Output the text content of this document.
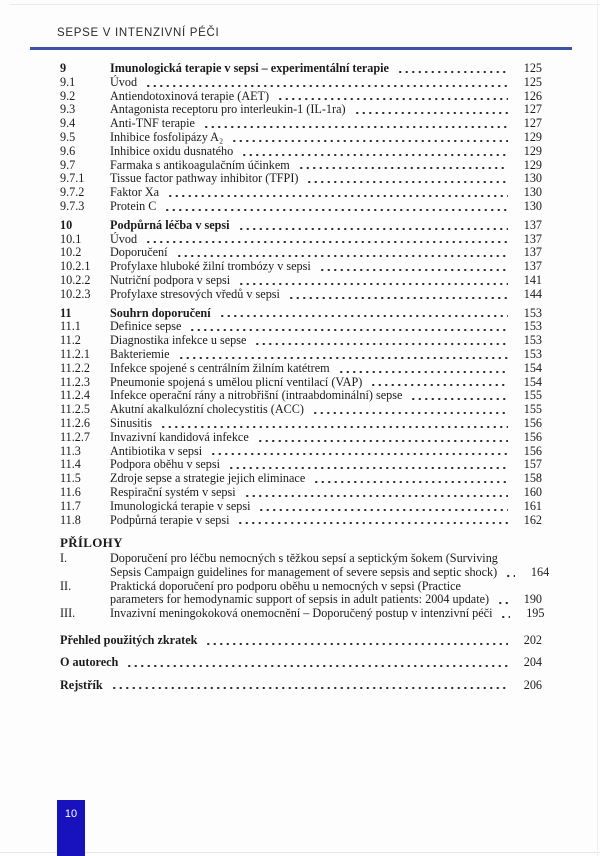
SEPSE V INTENZIVNÍ PÉČI
9	Imunologická terapie v sepsi – experimentální terapie	125
9.1	Úvod	125
9.2	Antiendotoxinová terapie (AET)	126
9.3	Antagonista receptoru pro interleukin-1 (IL-1ra)	127
9.4	Anti-TNF terapie	127
9.5	Inhibice fosfolipázy A₂	129
9.6	Inhibice oxidu dusnatého	129
9.7	Farmaka s antikoagulačním účinkem	129
9.7.1	Tissue factor pathway inhibitor (TFPI)	130
9.7.2	Faktor Xa	130
9.7.3	Protein C	130
10	Podpůrná léčba v sepsi	137
10.1	Úvod	137
10.2	Doporučení	137
10.2.1	Profylaxe hluboké žilní trombózy v sepsi	137
10.2.2	Nutriční podpora v sepsi	141
10.2.3	Profylaxe stresových vředů v sepsi	144
11	Souhrn doporučení	153
11.1	Definice sepse	153
11.2	Diagnostika infekce u sepse	153
11.2.1	Bakteriemie	153
11.2.2	Infekce spojené s centrálním žilním katétrem	154
11.2.3	Pneumonie spojená s umělou plicní ventilací (VAP)	154
11.2.4	Infekce operační rány a nitrobřišní (intraabdominální) sepse	155
11.2.5	Akutní akalkulózní cholecystitis (ACC)	155
11.2.6	Sinusitis	156
11.2.7	Invazivní kandidová infekce	156
11.3	Antibiotika v sepsi	156
11.4	Podpora oběhu v sepsi	157
11.5	Zdroje sepse a strategie jejich eliminace	158
11.6	Respirační systém v sepsi	160
11.7	Imunologická terapie v sepsi	161
11.8	Podpůrná terapie v sepsi	162
PŘÍLOHY
I.	Doporučení pro léčbu nemocných s těžkou sepsí a septickým šokem (Surviving
Sepsis Campaign guidelines for management of severe sepsis and septic shock)	164
II.	Praktická doporučení pro podporu oběhu u nemocných v sepsi (Practice
parameters for hemodynamic support of sepsis in adult patients: 2004 update)	190
III.	Invazivní meningokoková onemocnění – Doporučený postup v intenzivní péči	195
Přehled použitých zkratek	202
O autorech	204
Rejstřík	206
10
